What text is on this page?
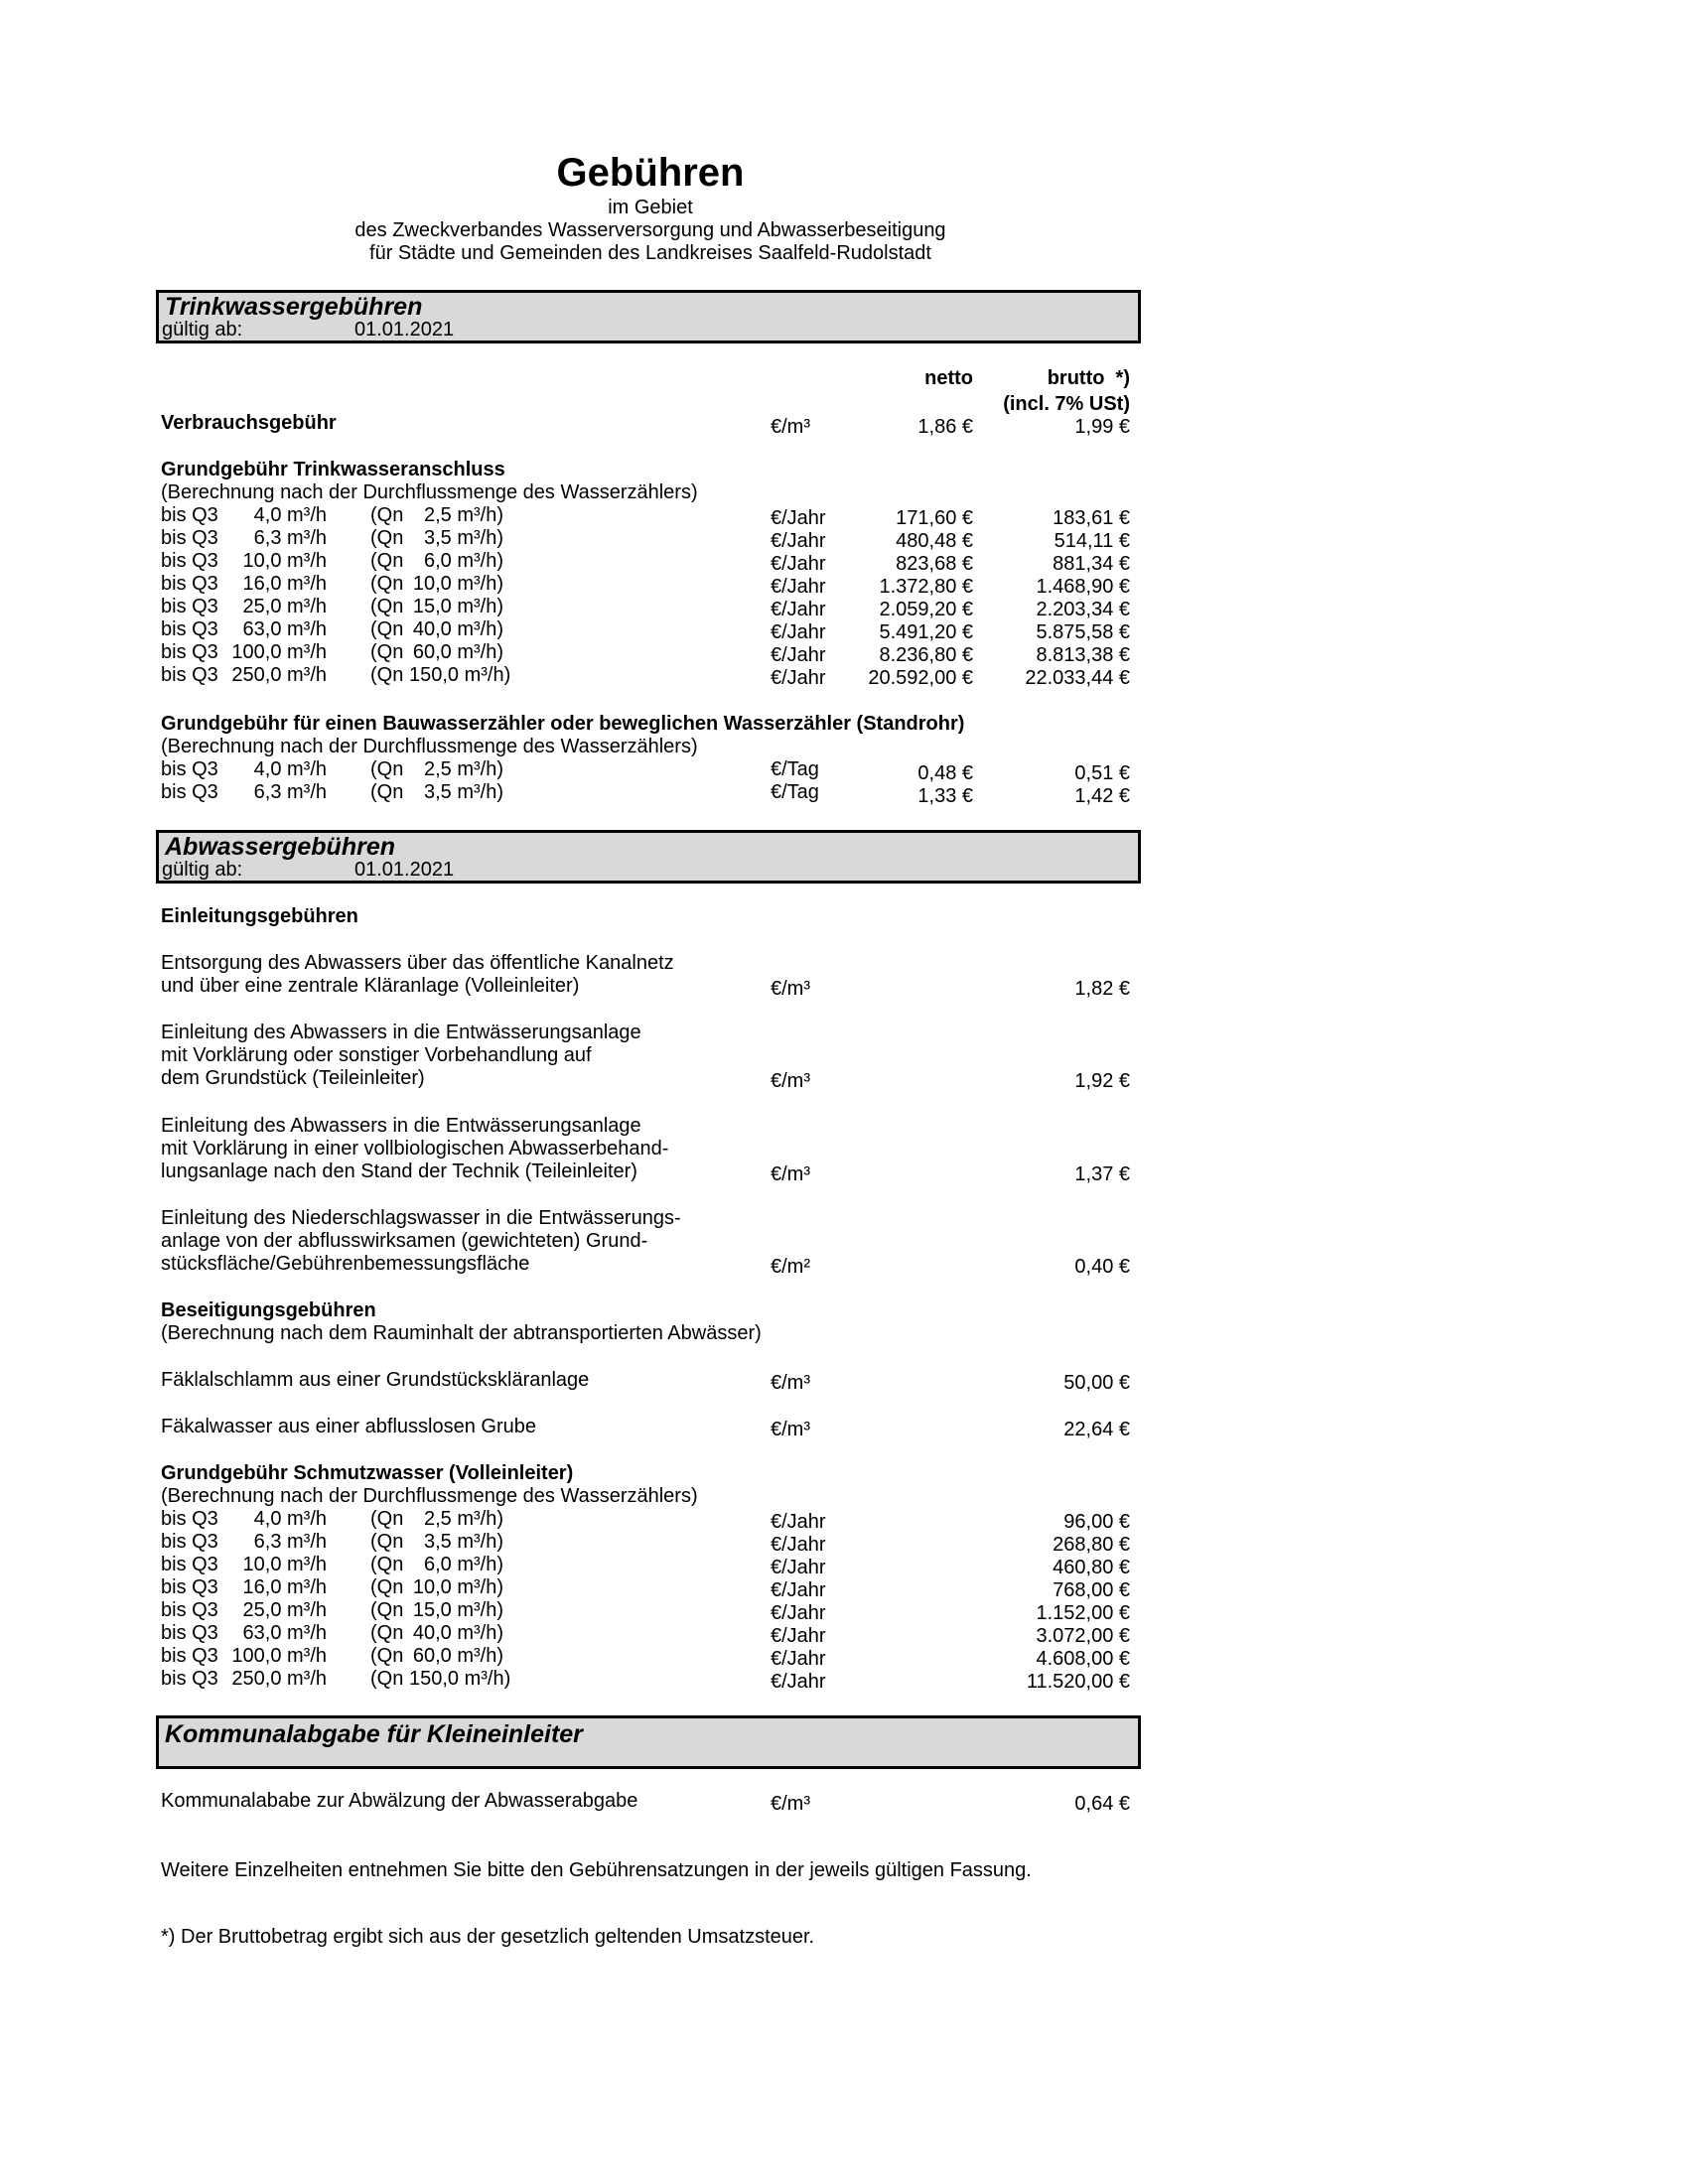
Gebühren
im Gebiet
des Zweckverbandes Wasserversorgung und Abwasserbeseitigung
für Städte und Gemeinden des Landkreises Saalfeld-Rudolstadt
Trinkwassergebühren
gültig ab:	01.01.2021
netto	brutto  *)
(incl. 7% USt)
Verbrauchsgebühr	€/m³	1,86 €	1,99 €
Grundgebühr Trinkwasseranschluss
(Berechnung nach der Durchflussmenge des Wasserzählers)
bis Q3	4,0 m³/h (Qn	2,5 m³/h)	€/Jahr	171,60 €	183,61 €
bis Q3	6,3 m³/h (Qn	3,5 m³/h)	€/Jahr	480,48 €	514,11 €
bis Q3	10,0 m³/h (Qn	6,0 m³/h)	€/Jahr	823,68 €	881,34 €
bis Q3	16,0 m³/h (Qn 10,0 m³/h)	€/Jahr	1.372,80 €	1.468,90 €
bis Q3	25,0 m³/h (Qn 15,0 m³/h)	€/Jahr	2.059,20 €	2.203,34 €
bis Q3	63,0 m³/h (Qn 40,0 m³/h)	€/Jahr	5.491,20 €	5.875,58 €
bis Q3 100,0 m³/h (Qn 60,0 m³/h)	€/Jahr	8.236,80 €	8.813,38 €
bis Q3 250,0 m³/h (Qn 150,0 m³/h)	€/Jahr	20.592,00 €	22.033,44 €
Grundgebühr für einen Bauwasserzähler oder beweglichen Wasserzähler (Standrohr)
(Berechnung nach der Durchflussmenge des Wasserzählers)
bis Q3	4,0 m³/h (Qn	2,5 m³/h)	€/Tag	0,48 €	0,51 €
bis Q3	6,3 m³/h (Qn	3,5 m³/h)	€/Tag	1,33 €	1,42 €
Abwassergebühren
gültig ab:	01.01.2021
Einleitungsgebühren
Entsorgung des Abwassers über das öffentliche Kanalnetz
und über eine zentrale Kläranlage (Volleinleiter)	€/m³	1,82 €
Einleitung des Abwassers in die Entwässerungsanlage
mit Vorklärung oder sonstiger Vorbehandlung auf
dem Grundstück (Teileinleiter)	€/m³	1,92 €
Einleitung des Abwassers in die Entwässerungsanlage
mit Vorklärung in einer vollbiologischen Abwasserbehand-
lungsanlage nach den Stand der Technik (Teileinleiter)	€/m³	1,37 €
Einleitung des Niederschlagswasser in die Entwässerungs-
anlage von der abflusswirksamen (gewichteten) Grund-
stücksfläche/Gebührenbemessungsfläche	€/m²	0,40 €
Beseitigungsgebühren
(Berechnung nach dem Rauminhalt der abtransportierten Abwässer)
Fäklalschlamm aus einer Grundstückskläranlage	€/m³	50,00 €
Fäkalwasser aus einer abflusslosen Grube	€/m³	22,64 €
Grundgebühr Schmutzwasser (Volleinleiter)
(Berechnung nach der Durchflussmenge des Wasserzählers)
bis Q3	4,0 m³/h (Qn	2,5 m³/h)	€/Jahr	96,00 €
bis Q3	6,3 m³/h (Qn	3,5 m³/h)	€/Jahr	268,80 €
bis Q3	10,0 m³/h (Qn	6,0 m³/h)	€/Jahr	460,80 €
bis Q3	16,0 m³/h (Qn 10,0 m³/h)	€/Jahr	768,00 €
bis Q3	25,0 m³/h (Qn 15,0 m³/h)	€/Jahr	1.152,00 €
bis Q3	63,0 m³/h (Qn 40,0 m³/h)	€/Jahr	3.072,00 €
bis Q3 100,0 m³/h (Qn 60,0 m³/h)	€/Jahr	4.608,00 €
bis Q3 250,0 m³/h (Qn 150,0 m³/h)	€/Jahr	11.520,00 €
Kommunalabgabe für Kleineinleiter
Kommunalababe zur Abwälzung der Abwasserabgabe	€/m³	0,64 €
Weitere Einzelheiten entnehmen Sie bitte den Gebührensatzungen in der jeweils gültigen Fassung.
*) Der Bruttobetrag ergibt sich aus der gesetzlich geltenden Umsatzsteuer.
